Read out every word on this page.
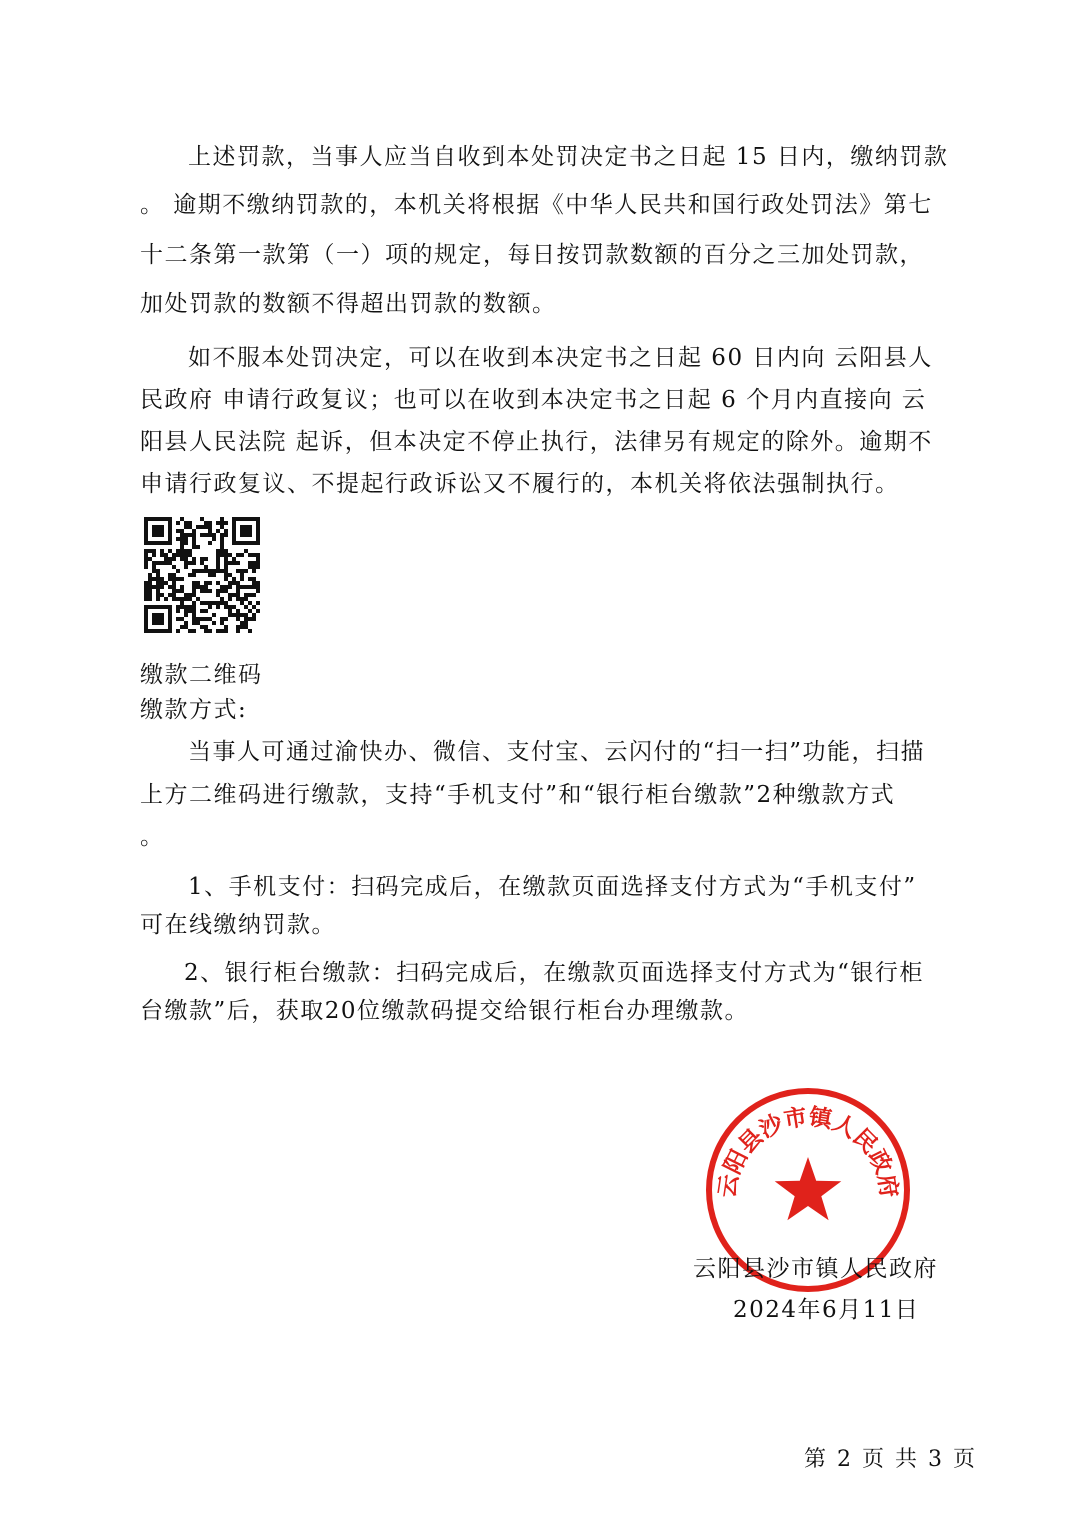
上述罚款，当事人应当自收到本处罚决定书之日起 15 日内，缴纳罚款
。 逾期不缴纳罚款的，本机关将根据《中华人民共和国行政处罚法》第七
十二条第一款第（一）项的规定，每日按罚款数额的百分之三加处罚款，
加处罚款的数额不得超出罚款的数额。
如不服本处罚决定，可以在收到本决定书之日起 60 日内向 云阳县人
民政府 申请行政复议；也可以在收到本决定书之日起 6 个月内直接向 云
阳县人民法院 起诉，但本决定不停止执行，法律另有规定的除外。逾期不
申请行政复议、不提起行政诉讼又不履行的，本机关将依法强制执行。
缴款二维码
缴款方式:
当事人可通过渝快办、微信、支付宝、云闪付的“扫一扫”功能，扫描
上方二维码进行缴款，支持“手机支付”和“银行柜台缴款”2种缴款方式
。
1、手机支付：扫码完成后，在缴款页面选择支付方式为“手机支付”
可在线缴纳罚款。
2、银行柜台缴款：扫码完成后，在缴款页面选择支付方式为“银行柜
台缴款”后，获取20位缴款码提交给银行柜台办理缴款。
云阳县沙市镇人民政府
云阳县沙市镇人民政府
2024年6月11日
第 2 页 共 3 页
